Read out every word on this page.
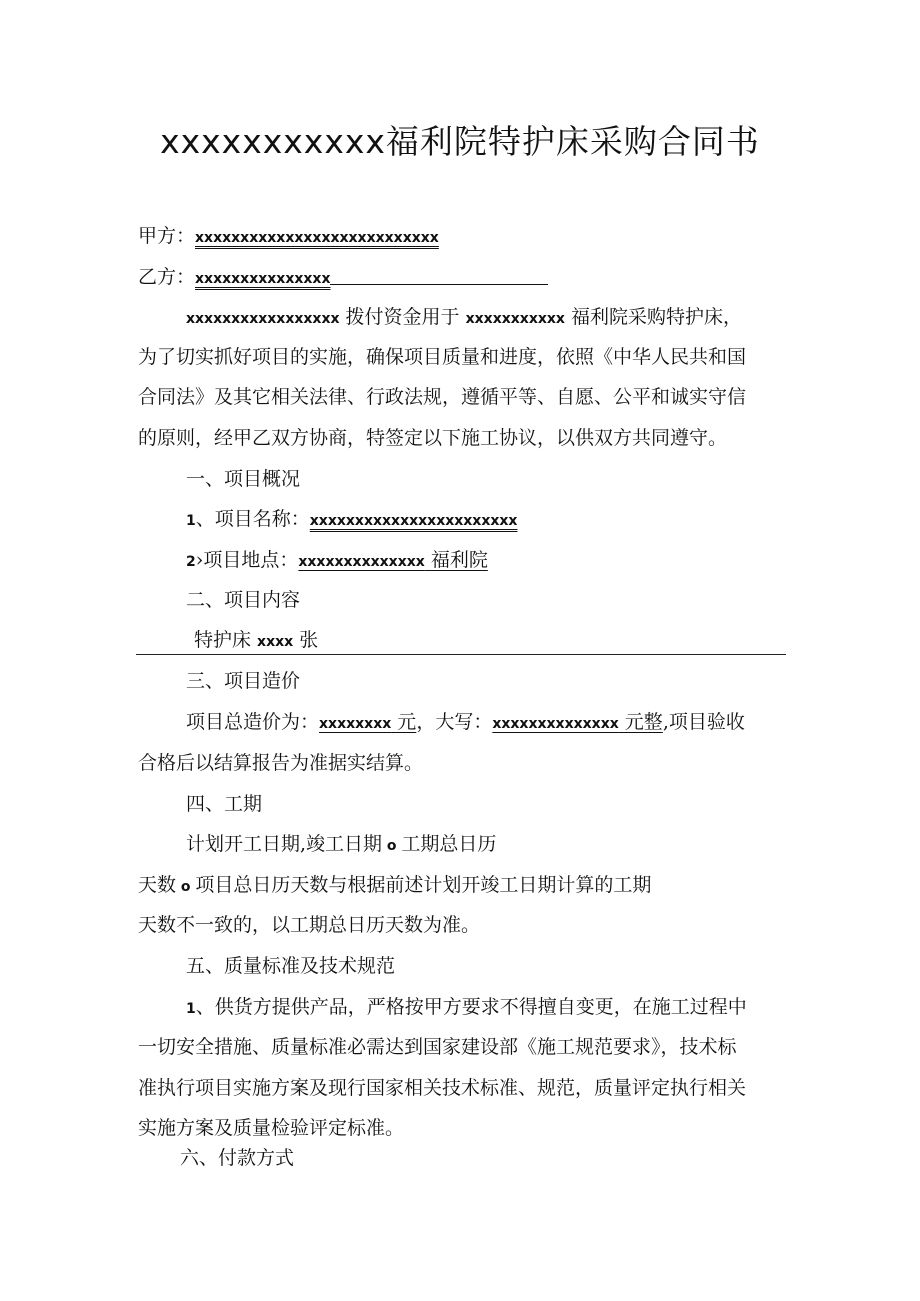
xxxxxxxxxxx福利院特护床采购合同书
甲方：xxxxxxxxxxxxxxxxxxxxxxxxxxx
乙方：xxxxxxxxxxxxxxx
xxxxxxxxxxxxxxxxx 拨付资金用于 xxxxxxxxxxx 福利院采购特护床，
为了切实抓好项目的实施，确保项目质量和进度，依照《中华人民共和国
合同法》及其它相关法律、行政法规，遵循平等、自愿、公平和诚实守信
的原则，经甲乙双方协商，特签定以下施工协议，以供双方共同遵守。
一、项目概况
1、项目名称：xxxxxxxxxxxxxxxxxxxxxxx
2›项目地点：xxxxxxxxxxxxxx 福利院
二、项目内容
特护床 xxxx 张
三、项目造价
项目总造价为：xxxxxxxx 元，大写：xxxxxxxxxxxxxx 元整,项目验收
合格后以结算报告为准据实结算。
四、工期
计划开工日期,竣工日期 o 工期总日历
天数 o 项目总日历天数与根据前述计划开竣工日期计算的工期
天数不一致的，以工期总日历天数为准。
五、质量标准及技术规范
1、供货方提供产品，严格按甲方要求不得擅自变更，在施工过程中
一切安全措施、质量标准必需达到国家建设部《施工规范要求》，技术标
准执行项目实施方案及现行国家相关技术标准、规范，质量评定执行相关
实施方案及质量检验评定标准。
六、付款方式
